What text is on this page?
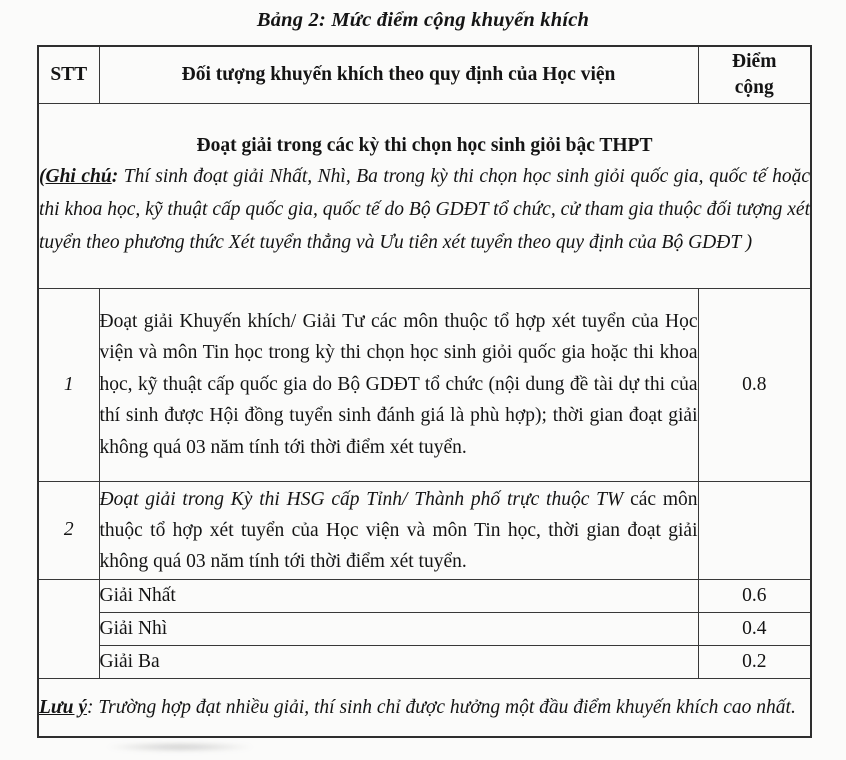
Bảng 2: Mức điểm cộng khuyến khích
STT	Đối tượng khuyến khích theo quy định của Học viện	Điểm
cộng

Đoạt giải trong các kỳ thi chọn học sinh giỏi bậc THPT
(Ghi chú: Thí sinh đoạt giải Nhất, Nhì, Ba trong kỳ thi chọn học sinh giỏi quốc gia, quốc tế hoặc thi khoa học, kỹ thuật cấp quốc gia, quốc tế do Bộ GDĐT tổ chức, cử tham gia thuộc đối tượng xét tuyển theo phương thức Xét tuyển thẳng và Ưu tiên xét tuyển theo quy định của Bộ GDĐT )		

1	Đoạt giải Khuyến khích/ Giải Tư các môn thuộc tổ hợp xét tuyển của Học viện và môn Tin học trong kỳ thi chọn học sinh giỏi quốc gia hoặc thi khoa học, kỹ thuật cấp quốc gia do Bộ GDĐT tổ chức (nội dung đề tài dự thi của thí sinh được Hội đồng tuyển sinh đánh giá là phù hợp); thời gian đoạt giải không quá 03 năm tính tới thời điểm xét tuyển.	0.8
2	Đoạt giải trong Kỳ thi HSG cấp Tỉnh/ Thành phố trực thuộc TW các môn thuộc tổ hợp xét tuyển của Học viện và môn Tin học, thời gian đoạt giải không quá 03 năm tính tới thời điểm xét tuyển.	
	Giải Nhất	0.6
	Giải Nhì	0.4
	Giải Ba	0.2
Lưu ý: Trường hợp đạt nhiều giải, thí sinh chỉ được hưởng một đầu điểm khuyến khích cao nhất.		
